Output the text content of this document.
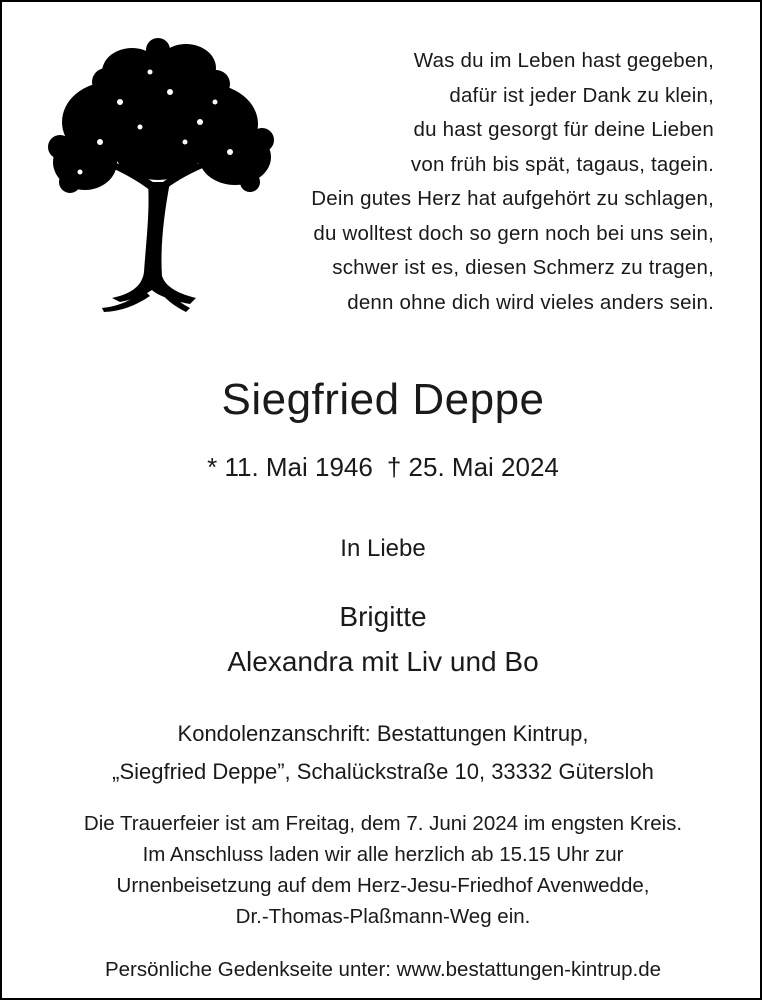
Was du im Leben hast gegeben,
dafür ist jeder Dank zu klein,
du hast gesorgt für deine Lieben
von früh bis spät, tagaus, tagein.
Dein gutes Herz hat aufgehört zu schlagen,
du wolltest doch so gern noch bei uns sein,
schwer ist es, diesen Schmerz zu tragen,
denn ohne dich wird vieles anders sein.
Siegfried Deppe
* 11. Mai 1946 † 25. Mai 2024
In Liebe
Brigitte
Alexandra mit Liv und Bo
Kondolenzanschrift: Bestattungen Kintrup,
„Siegfried Deppe”, Schalückstraße 10, 33332 Gütersloh
Die Trauerfeier ist am Freitag, dem 7. Juni 2024 im engsten Kreis.
Im Anschluss laden wir alle herzlich ab 15.15 Uhr zur
Urnenbeisetzung auf dem Herz-Jesu-Friedhof Avenwedde,
Dr.-Thomas-Plaßmann-Weg ein.
Persönliche Gedenkseite unter: www.bestattungen-kintrup.de
